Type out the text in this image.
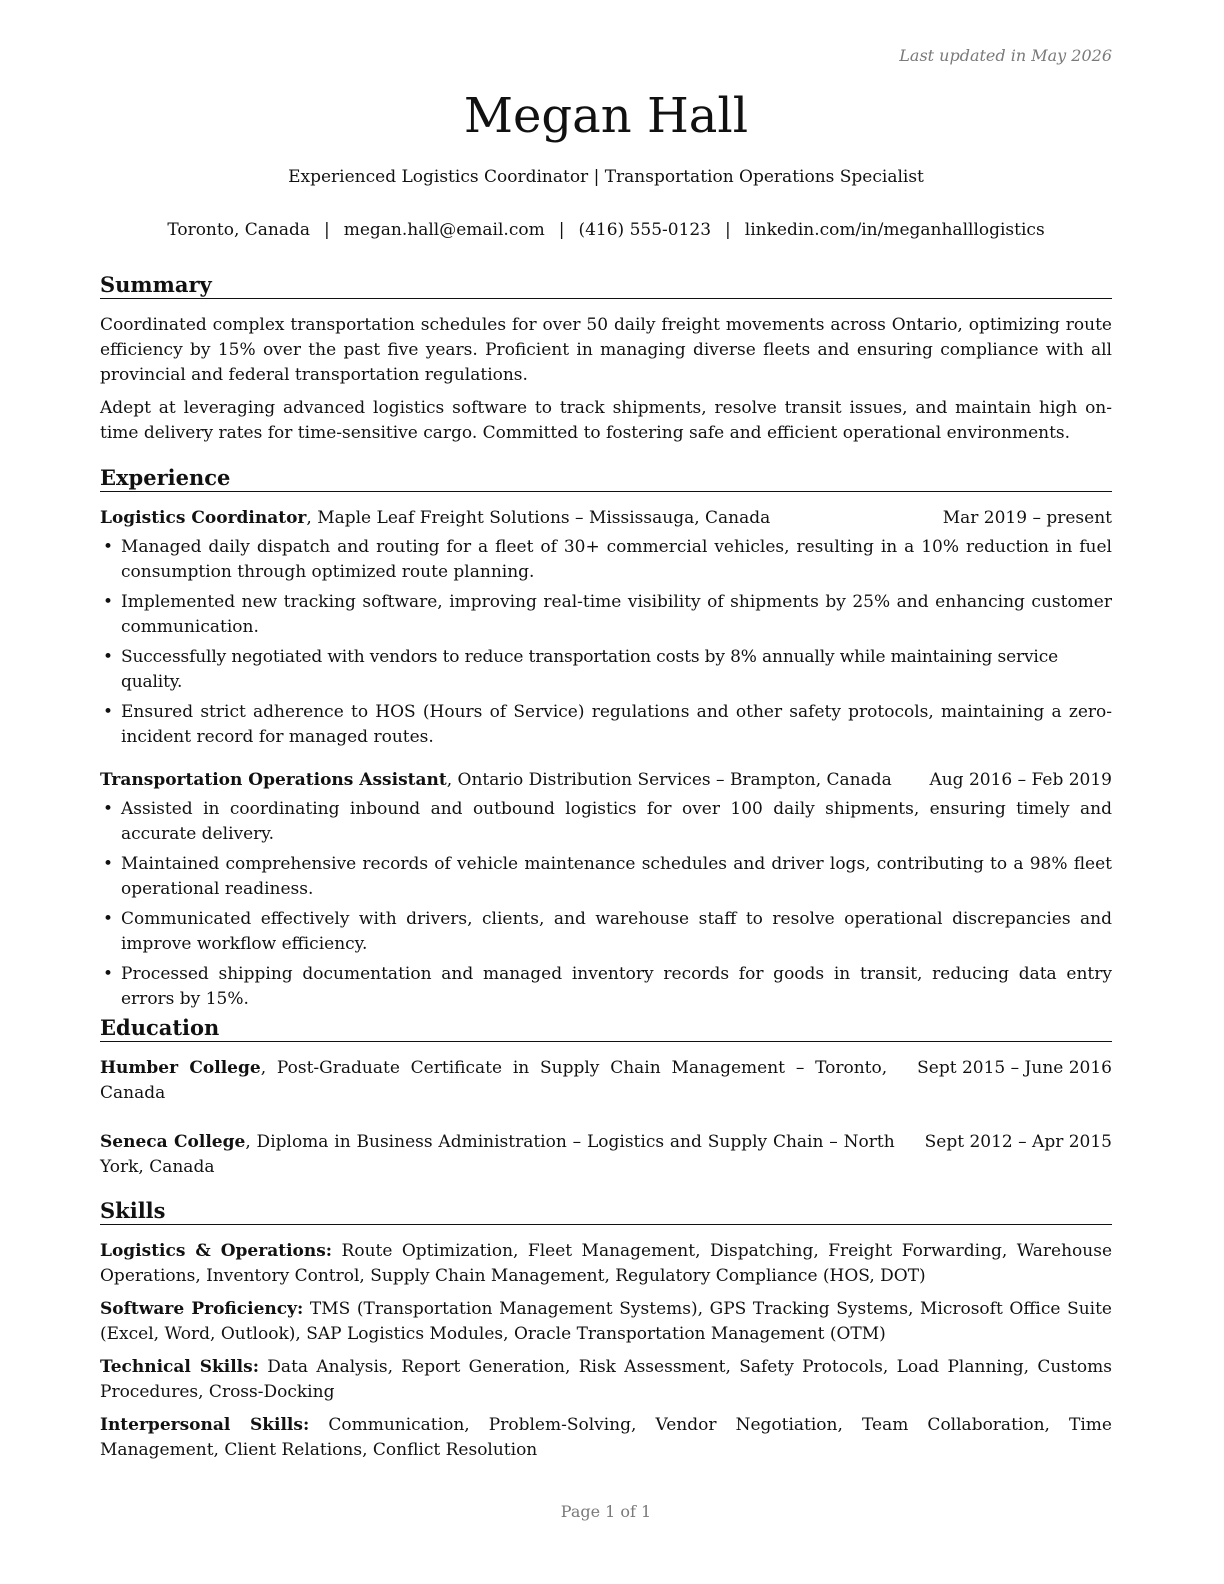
Last updated in May 2026
Megan Hall
Experienced Logistics Coordinator | Transportation Operations Specialist
Toronto, Canada | megan.hall@email.com | (416) 555-0123 | linkedin.com/in/meganhalllogistics
Summary

Coordinated complex transportation schedules for over 50 daily freight movements across Ontario, optimizing route efficiency by 15% over the past five years. Proficient in managing diverse fleets and ensuring compliance with all provincial and federal transportation regulations.

Adept at leveraging advanced logistics software to track shipments, resolve transit issues, and maintain high on-time delivery rates for time-sensitive cargo. Committed to fostering safe and efficient operational environments.

Experience
Logistics Coordinator, Maple Leaf Freight Solutions – Mississauga, Canada	Mar 2019 – present
• Managed daily dispatch and routing for a fleet of 30+ commercial vehicles, resulting in a 10% reduction in fuel consumption through optimized route planning.
• Implemented new tracking software, improving real-time visibility of shipments by 25% and enhancing customer communication.
• Successfully negotiated with vendors to reduce transportation costs by 8% annually while maintaining service quality.
• Ensured strict adherence to HOS (Hours of Service) regulations and other safety protocols, maintaining a zero-incident record for managed routes.
Transportation Operations Assistant, Ontario Distribution Services – Brampton, Canada	Aug 2016 – Feb 2019
• Assisted in coordinating inbound and outbound logistics for over 100 daily shipments, ensuring timely and accurate delivery.
• Maintained comprehensive records of vehicle maintenance schedules and driver logs, contributing to a 98% fleet operational readiness.
• Communicated effectively with drivers, clients, and warehouse staff to resolve operational discrepancies and improve workflow efficiency.
• Processed shipping documentation and managed inventory records for goods in transit, reducing data entry errors by 15%.
Education
Humber College, Post-Graduate Certificate in Supply Chain Management – Toronto, Canada
Sept 2015 – June 2016
Seneca College, Diploma in Business Administration – Logistics and Supply Chain – North York, Canada
Sept 2012 – Apr 2015
Skills

Logistics & Operations: Route Optimization, Fleet Management, Dispatching, Freight Forwarding, Warehouse Operations, Inventory Control, Supply Chain Management, Regulatory Compliance (HOS, DOT)

Software Proficiency: TMS (Transportation Management Systems), GPS Tracking Systems, Microsoft Office Suite (Excel, Word, Outlook), SAP Logistics Modules, Oracle Transportation Management (OTM)

Technical Skills: Data Analysis, Report Generation, Risk Assessment, Safety Protocols, Load Planning, Customs Procedures, Cross-Docking

Interpersonal Skills: Communication, Problem-Solving, Vendor Negotiation, Team Collaboration, Time Management, Client Relations, Conflict Resolution

Page 1 of 1
